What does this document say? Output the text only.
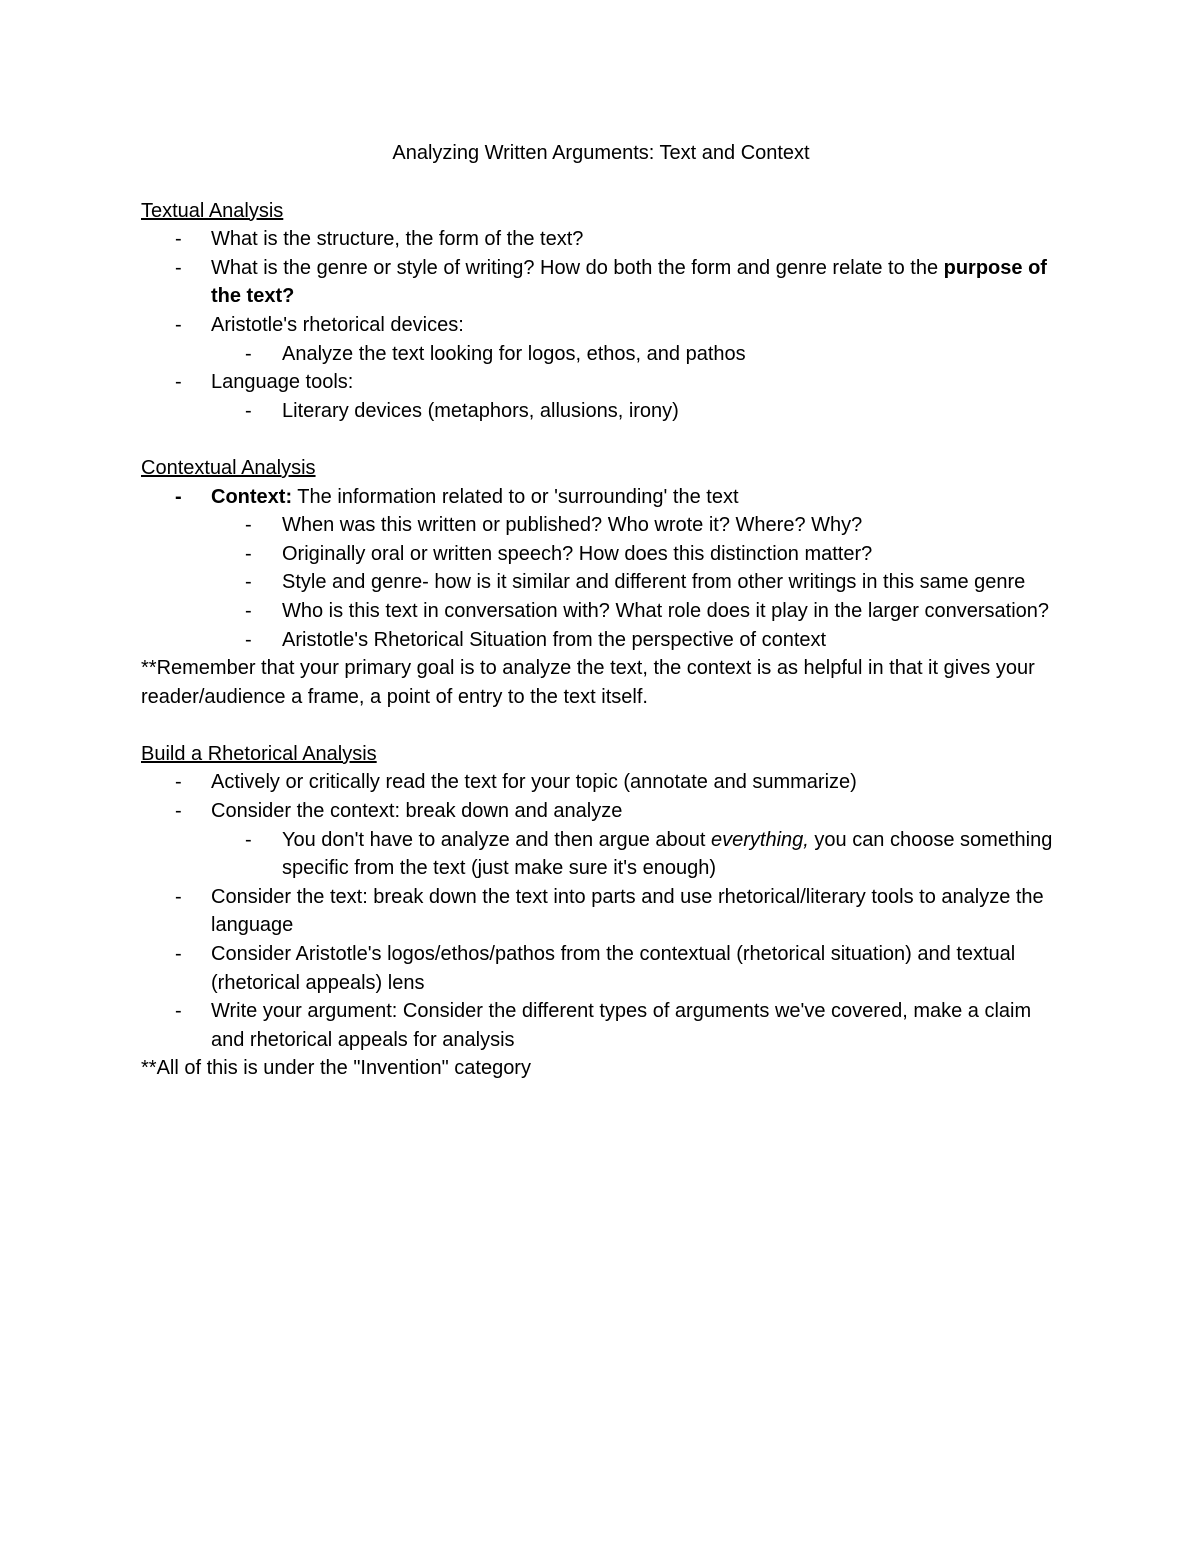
Analyzing Written Arguments: Text and Context
Textual Analysis
- What is the structure, the form of the text?
- What is the genre or style of writing? How do both the form and genre relate to the purpose of the text?
- Aristotle's rhetorical devices:
- Analyze the text looking for logos, ethos, and pathos
- Language tools:
- Literary devices (metaphors, allusions, irony)
Contextual Analysis
- Context: The information related to or 'surrounding' the text
- When was this written or published? Who wrote it? Where? Why?
- Originally oral or written speech? How does this distinction matter?
- Style and genre- how is it similar and different from other writings in this same genre
- Who is this text in conversation with? What role does it play in the larger conversation?
- Aristotle's Rhetorical Situation from the perspective of context

**Remember that your primary goal is to analyze the text, the context is as helpful in that it gives your reader/audience a frame, a point of entry to the text itself.

Build a Rhetorical Analysis
- Actively or critically read the text for your topic (annotate and summarize)
- Consider the context: break down and analyze
- You don't have to analyze and then argue about everything, you can choose something specific from the text (just make sure it's enough)
- Consider the text: break down the text into parts and use rhetorical/literary tools to analyze the language
- Consider Aristotle's logos/ethos/pathos from the contextual (rhetorical situation) and textual (rhetorical appeals) lens
- Write your argument: Consider the different types of arguments we've covered, make a claim and rhetorical appeals for analysis

**All of this is under the "Invention" category
